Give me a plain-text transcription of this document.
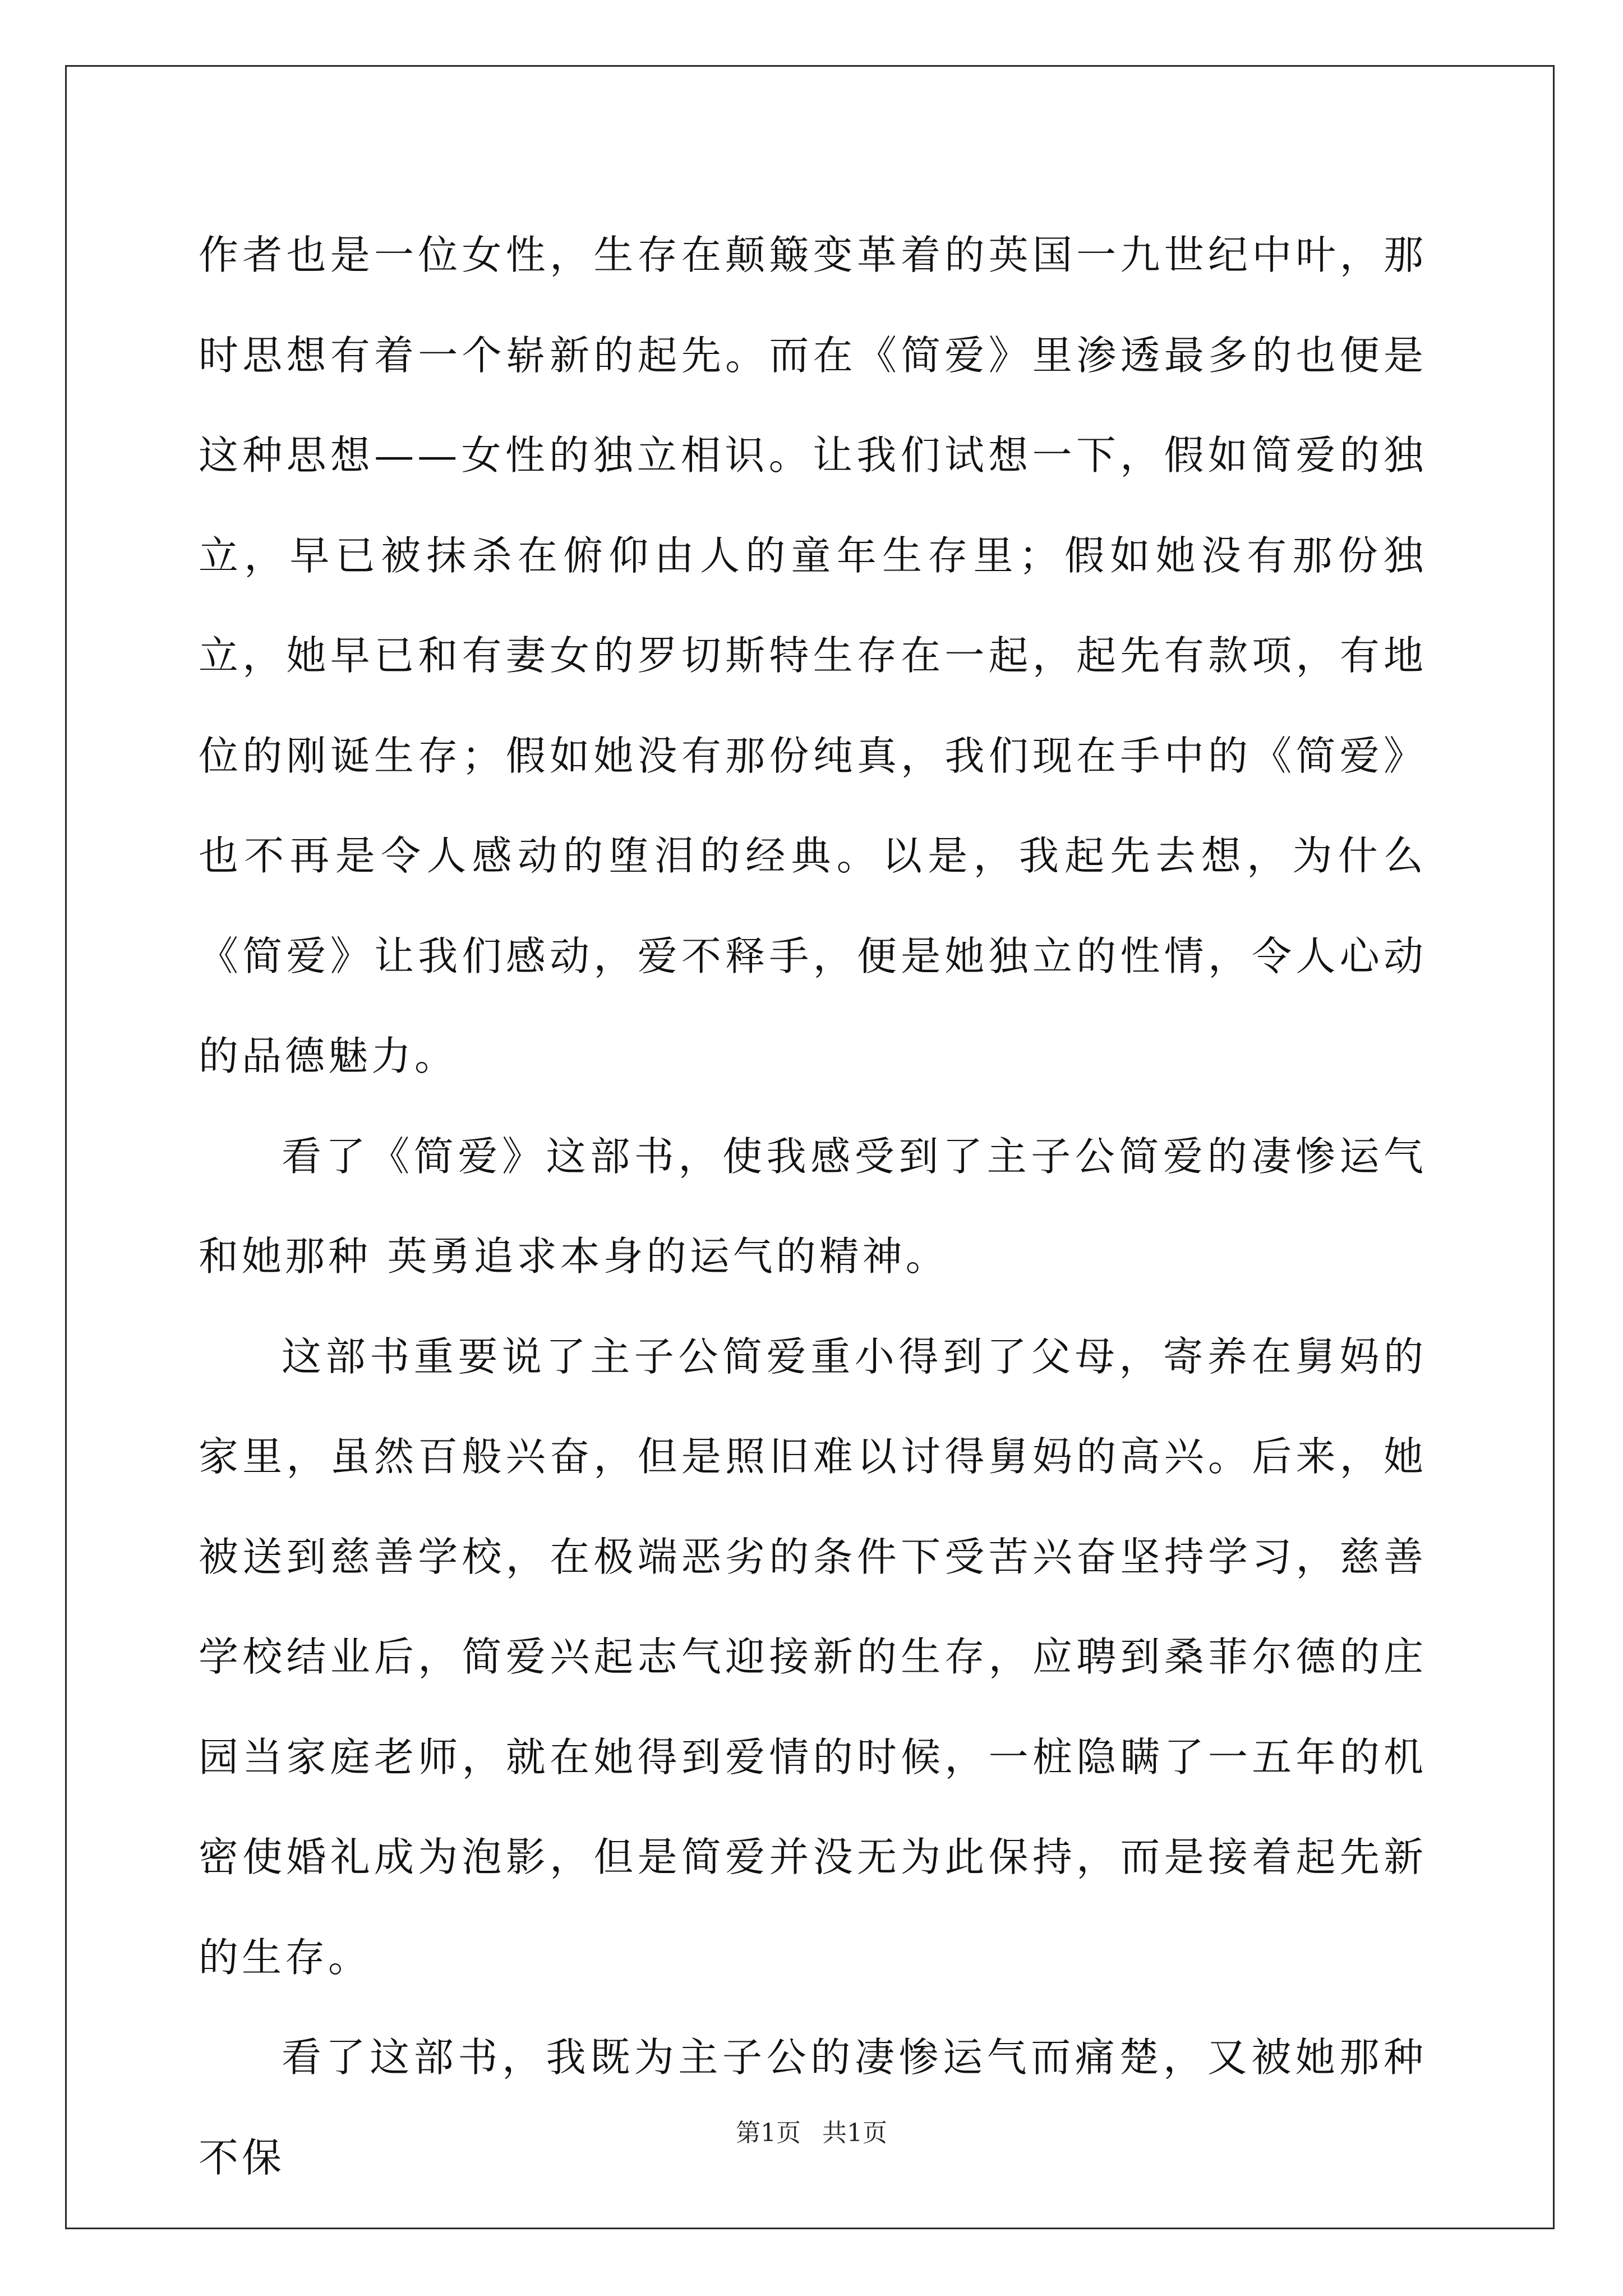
作者也是一位女性，生存在颠簸变革着的英国一九世纪中叶，那时思想有着一个崭新的起先。而在《简爱》里渗透最多的也便是这种思想——女性的独立相识。让我们试想一下，假如简爱的独立，早已被抹杀在俯仰由人的童年生存里；假如她没有那份独立，她早已和有妻女的罗切斯特生存在一起，起先有款项，有地位的刚诞生存；假如她没有那份纯真，我们现在手中的《简爱》也不再是令人感动的堕泪的经典。以是，我起先去想，为什么《简爱》让我们感动，爱不释手，便是她独立的性情，令人心动的品德魅力。

看了《简爱》这部书，使我感受到了主子公简爱的凄惨运气和她那种 英勇追求本身的运气的精神。

这部书重要说了主子公简爱重小得到了父母，寄养在舅妈的家里，虽然百般兴奋，但是照旧难以讨得舅妈的高兴。后来，她被送到慈善学校，在极端恶劣的条件下受苦兴奋坚持学习，慈善学校结业后，简爱兴起志气迎接新的生存，应聘到桑菲尔德的庄园当家庭老师，就在她得到爱情的时候，一桩隐瞒了一五年的机密使婚礼成为泡影，但是简爱并没无为此保持，而是接着起先新的生存。

看了这部书，我既为主子公的凄惨运气而痛楚，又被她那种不保

第1页 共1页
